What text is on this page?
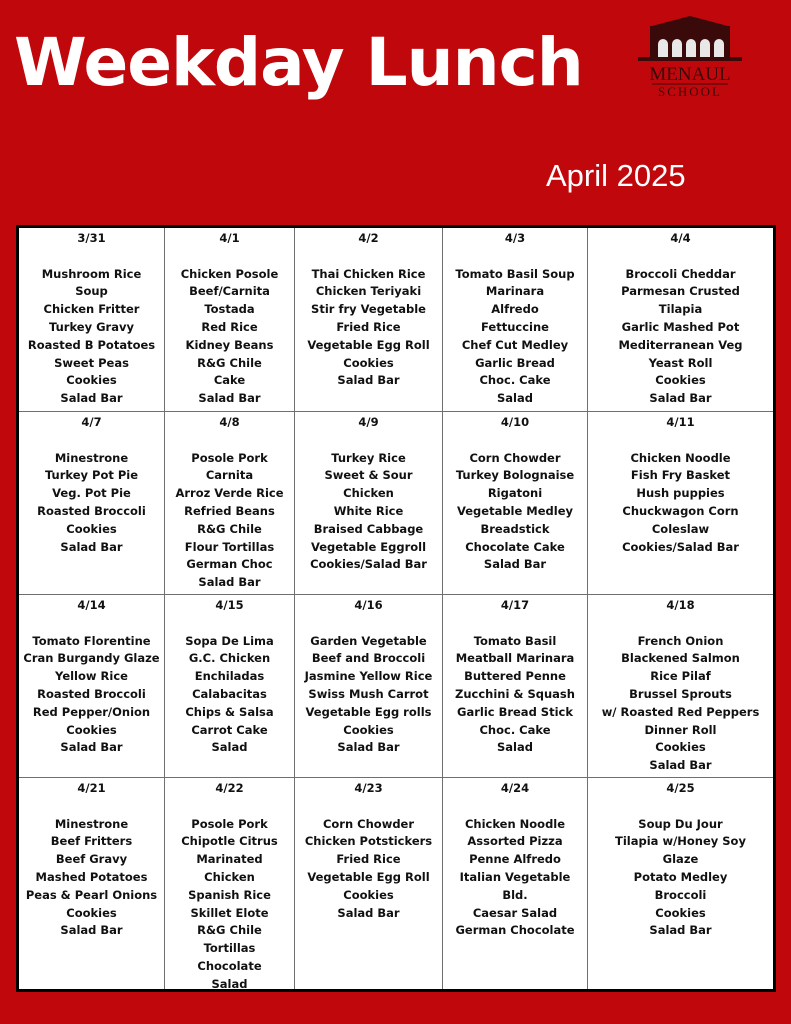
Weekday Lunch	MENAUL
SCHOOL
April 2025
3/31
Mushroom Rice
Soup
Chicken Fritter
Turkey Gravy
Roasted B Potatoes
Sweet Peas
Cookies
Salad Bar
4/1
Chicken Posole
Beef/Carnita
Tostada
Red Rice
Kidney Beans
R&G Chile
Cake
Salad Bar
4/2
Thai Chicken Rice
Chicken Teriyaki
Stir fry Vegetable
Fried Rice
Vegetable Egg Roll
Cookies
Salad Bar
4/3
Tomato Basil Soup
Marinara
Alfredo
Fettuccine
Chef Cut Medley
Garlic Bread
Choc. Cake
Salad
4/4
Broccoli Cheddar
Parmesan Crusted
Tilapia
Garlic Mashed Pot
Mediterranean Veg
Yeast Roll
Cookies
Salad Bar
4/7
Minestrone
Turkey Pot Pie
Veg. Pot Pie
Roasted Broccoli
Cookies
Salad Bar
4/8
Posole Pork
Carnita
Arroz Verde Rice
Refried Beans
R&G Chile
Flour Tortillas
German Choc
Salad Bar
4/9
Turkey Rice
Sweet & Sour
Chicken
White Rice
Braised Cabbage
Vegetable Eggroll
Cookies/Salad Bar
4/10
Corn Chowder
Turkey Bolognaise
Rigatoni
Vegetable Medley
Breadstick
Chocolate Cake
Salad Bar
4/11
Chicken Noodle
Fish Fry Basket
Hush puppies
Chuckwagon Corn
Coleslaw
Cookies/Salad Bar
4/14
Tomato Florentine
Cran Burgandy Glaze
Yellow Rice
Roasted Broccoli
Red Pepper/Onion
Cookies
Salad Bar
4/15
Sopa De Lima
G.C. Chicken
Enchiladas
Calabacitas
Chips & Salsa
Carrot Cake
Salad
4/16
Garden Vegetable
Beef and Broccoli
Jasmine Yellow Rice
Swiss Mush Carrot
Vegetable Egg rolls
Cookies
Salad Bar
4/17
Tomato Basil
Meatball Marinara
Buttered Penne
Zucchini & Squash
Garlic Bread Stick
Choc. Cake
Salad
4/18
French Onion
Blackened Salmon
Rice Pilaf
Brussel Sprouts
w/ Roasted Red Peppers
Dinner Roll
Cookies
Salad Bar
4/21
Minestrone
Beef Fritters
Beef Gravy
Mashed Potatoes
Peas & Pearl Onions
Cookies
Salad Bar
4/22
Posole Pork
Chipotle Citrus
Marinated
Chicken
Spanish Rice
Skillet Elote
R&G Chile
Tortillas
Chocolate
Salad
4/23
Corn Chowder
Chicken Potstickers
Fried Rice
Vegetable Egg Roll
Cookies
Salad Bar
4/24
Chicken Noodle
Assorted Pizza
Penne Alfredo
Italian Vegetable
Bld.
Caesar Salad
German Chocolate
4/25
Soup Du Jour
Tilapia w/Honey Soy
Glaze
Potato Medley
Broccoli
Cookies
Salad Bar
